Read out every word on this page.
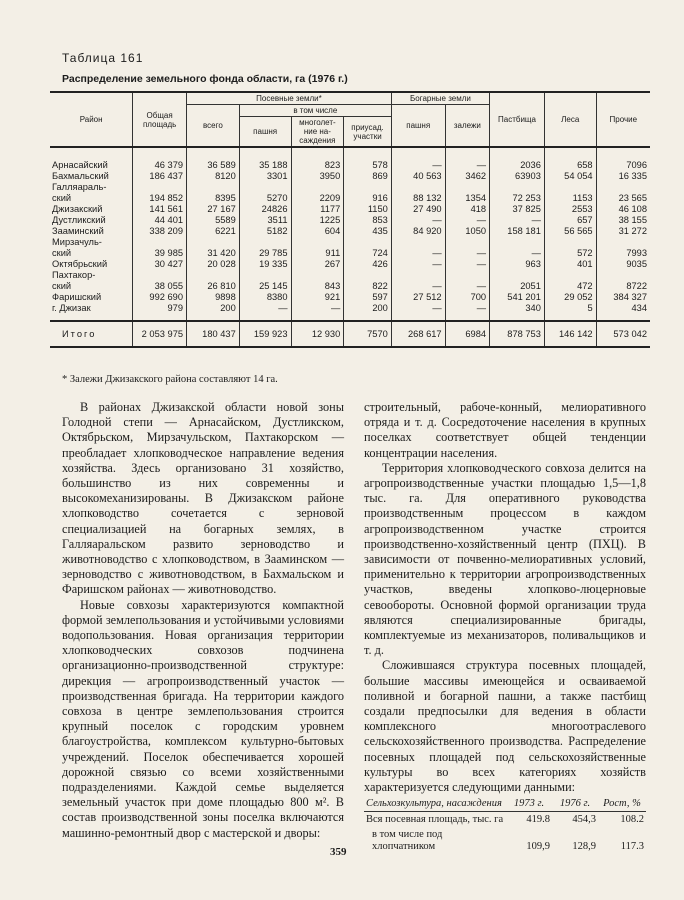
Таблица 161
Распределение земельного фонда области, га (1976 г.)
Район	Общая площадь	Посевные земли*				Богарные земли		Пастбища	Леса	Прочие
		всего	в том числе			пашня	залежи			
			пашня	многолет- ние на- саждения	приусад. участки					
Арнасайский	46 379	36 589	35 188	823	578	—	—	2036	658	7096
Бахмальский	186 437	8120	3301	3950	869	40 563	3462	63903	54 054	16 335
Галляараль-										
ский	194 852	8395	5270	2209	916	88 132	1354	72 253	1153	23 565
Джизакский	141 561	27 167	24826	1177	1150	27 490	418	37 825	2553	46 108
Дустликский	44 401	5589	3511	1225	853	—	—	—	657	38 155
Зааминский	338 209	6221	5182	604	435	84 920	1050	158 181	56 565	31 272
Мирзачуль-										
ский	39 985	31 420	29 785	911	724	—	—	—	572	7993
Октябрьский	30 427	20 028	19 335	267	426	—	—	963	401	9035
Пахтакор-										
ский	38 055	26 810	25 145	843	822	—	—	2051	472	8722
Фаришский	992 690	9898	8380	921	597	27 512	700	541 201	29 052	384 327
г. Джизак	979	200	—	—	200	—	—	340	5	434
Итого	2 053 975	180 437	159 923	12 930	7570	268 617	6984	878 753	146 142	573 042
* Залежи Джизакского района составляют 14 га.

В районах Джизакской области новой зоны Голодной степи — Арнасайском, Дустликском, Октябрьском, Мирзачульском, Пахтакорском — преобладает хлопководческое направление ведения хозяйства. Здесь организовано 31 хозяйство, большинство из них современны и высокомеханизированы. В Джизакском районе хлопководство сочетается с зерновой специализацией на богарных землях, в Галляаральском развито зерноводство и животноводство с хлопководством, в Зааминском — зерноводство с животноводством, в Бахмальском и Фаришском районах — животноводство.

Новые совхозы характеризуются компактной формой землепользования и устойчивыми условиями водопользования. Новая организация территории хлопководческих совхозов подчинена организационно-производственной структуре: дирекция — агропроизводственный участок — производственная бригада. На территории каждого совхоза в центре землепользования строится крупный поселок с городским уровнем благоустройства, комплексом культурно-бытовых учреждений. Поселок обеспечивается хорошей дорожной связью со всеми хозяйственными подразделениями. Каждой семье выделяется земельный участок при доме площадью 800 м². В состав производственной зоны поселка включаются машинно-ремонтный двор с мастерской и дворы:

строительный, рабоче-конный, мелиоративного отряда и т. д. Сосредоточение населения в крупных поселках соответствует общей тенденции концентрации населения.

Территория хлопководческого совхоза делится на агропроизводственные участки площадью 1,5—1,8 тыс. га. Для оперативного руководства производственным процессом в каждом агропроизводственном участке строится производственно-хозяйственный центр (ПХЦ). В зависимости от почвенно-мелиоративных условий, применительно к территории агропроизводственных участков, введены хлопково-люцерновые севообороты. Основной формой организации труда являются специализированные бригады, комплектуемые из механизаторов, поливальщиков и т. д.

Сложившаяся структура посевных площадей, большие массивы имеющейся и осваиваемой поливной и богарной пашни, а также пастбищ создали предпосылки для ведения в области комплексного многоотраслевого сельскохозяйственного производства. Распределение посевных площадей под сельскохозяйственные культуры во всех категориях хозяйств характеризуется следующими данными:

Сельхозкультура, насаждения	1973 г.	1976 г.	Рост, %
Вся посевная площадь, тыс. га	419.8	454,3	108.2
в том числе под хлопчатником	109,9	128,9	117.3
359
